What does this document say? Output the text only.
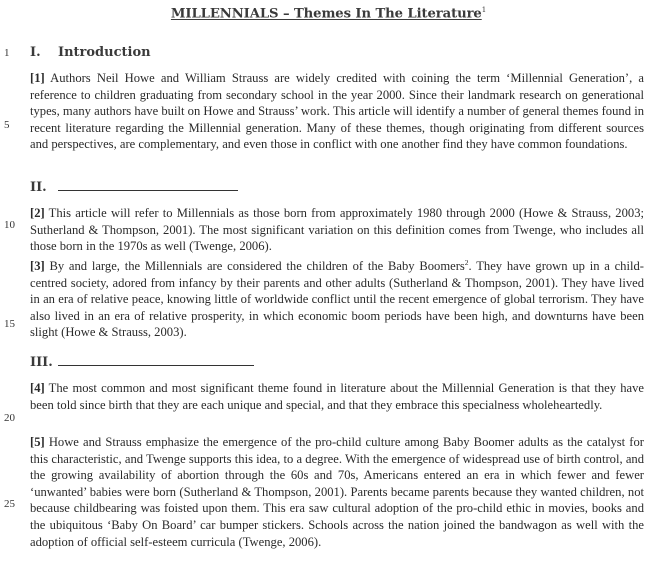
MILLENNIALS – Themes In The Literature$^1$
1
5
10
15
20
25
I. Introduction
[1] Authors Neil Howe and William Strauss are widely credited with coining the term ‘Millennial Generation’, a reference to children graduating from secondary school in the year 2000. Since their landmark research on generational types, many authors have built on Howe and Strauss’ work. This article will identify a number of general themes found in recent literature regarding the Millennial generation. Many of these themes, though originating from different sources and perspectives, are complementary, and even those in conflict with one another find they have common foundations.
II.
[2] This article will refer to Millennials as those born from approximately 1980 through 2000 (Howe & Strauss, 2003; Sutherland & Thompson, 2001). The most significant variation on this definition comes from Twenge, who includes all those born in the 1970s as well (Twenge, 2006).
[3] By and large, the Millennials are considered the children of the Baby Boomers$^2$. They have grown up in a child-centred society, adored from infancy by their parents and other adults (Sutherland & Thompson, 2001). They have lived in an era of relative peace, knowing little of worldwide conflict until the recent emergence of global terrorism. They have also lived in an era of relative prosperity, in which economic boom periods have been high, and downturns have been slight (Howe & Strauss, 2003).
III.
[4] The most common and most significant theme found in literature about the Millennial Generation is that they have been told since birth that they are each unique and special, and that they embrace this specialness wholeheartedly.
[5] Howe and Strauss emphasize the emergence of the pro-child culture among Baby Boomer adults as the catalyst for this characteristic, and Twenge supports this idea, to a degree. With the emergence of widespread use of birth control, and the growing availability of abortion through the 60s and 70s, Americans entered an era in which fewer and fewer ‘unwanted’ babies were born (Sutherland & Thompson, 2001). Parents became parents because they wanted children, not because childbearing was foisted upon them. This era saw cultural adoption of the pro-child ethic in movies, books and the ubiquitous ‘Baby On Board’ car bumper stickers. Schools across the nation joined the bandwagon as well with the adoption of official self-esteem curricula (Twenge, 2006).
